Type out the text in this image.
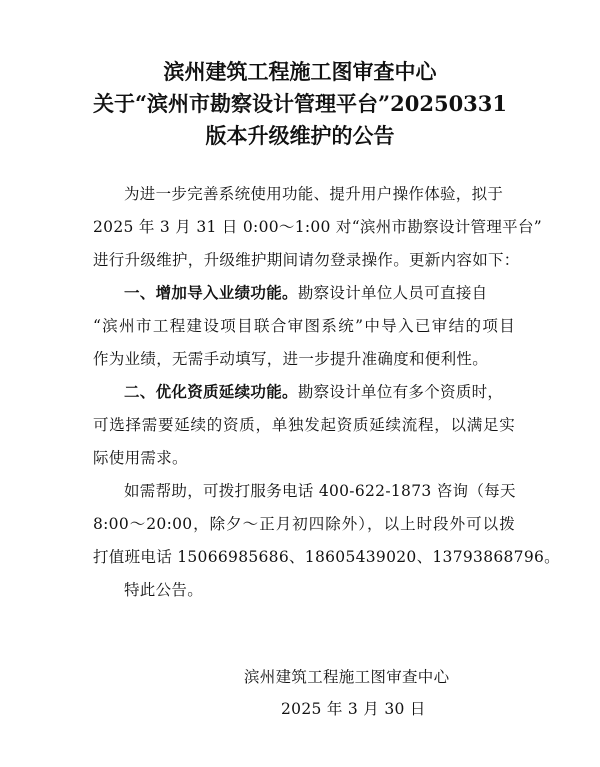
滨州建筑工程施工图审查中心
关于“滨州市勘察设计管理平台”20250331
版本升级维护的公告
为进一步完善系统使用功能、提升用户操作体验，拟于
2025 年 3 月 31 日 0:00～1:00 对“滨州市勘察设计管理平台”
进行升级维护，升级维护期间请勿登录操作。更新内容如下：
一、增加导入业绩功能。勘察设计单位人员可直接自
“滨州市工程建设项目联合审图系统”中导入已审结的项目
作为业绩，无需手动填写，进一步提升准确度和便利性。
二、优化资质延续功能。勘察设计单位有多个资质时，
可选择需要延续的资质，单独发起资质延续流程，以满足实
际使用需求。
如需帮助，可拨打服务电话 400-622-1873 咨询（每天
8:00～20:00，除夕～正月初四除外），以上时段外可以拨
打值班电话 15066985686、18605439020、13793868796。
特此公告。
滨州建筑工程施工图审查中心
2025 年 3 月 30 日
